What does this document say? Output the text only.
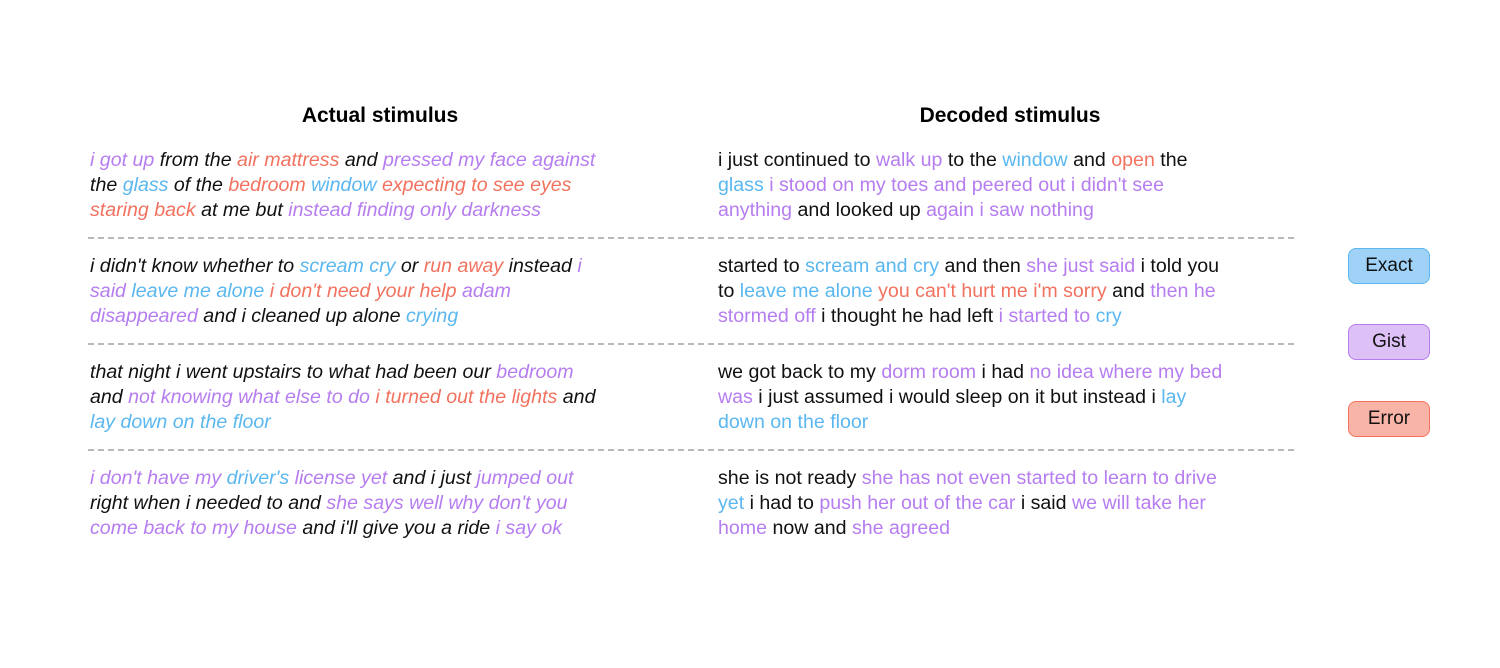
Actual stimulus	Decoded stimulus
i got up from the air mattress and pressed my face against
the glass of the bedroom window expecting to see eyes
staring back at me but instead finding only darkness
i just continued to walk up to the window and open the
glass i stood on my toes and peered out i didn't see
anything and looked up again i saw nothing
i didn't know whether to scream cry or run away instead i
said leave me alone i don't need your help adam
disappeared and i cleaned up alone crying
started to scream and cry and then she just said i told you
to leave me alone you can't hurt me i'm sorry and then he
stormed off i thought he had left i started to cry
that night i went upstairs to what had been our bedroom
and not knowing what else to do i turned out the lights and
lay down on the floor
we got back to my dorm room i had no idea where my bed
was i just assumed i would sleep on it but instead i lay
down on the floor
i don't have my driver's license yet and i just jumped out
right when i needed to and she says well why don't you
come back to my house and i'll give you a ride i say ok
she is not ready she has not even started to learn to drive
yet i had to push her out of the car i said we will take her
home now and she agreed
Exact
Gist
Error
